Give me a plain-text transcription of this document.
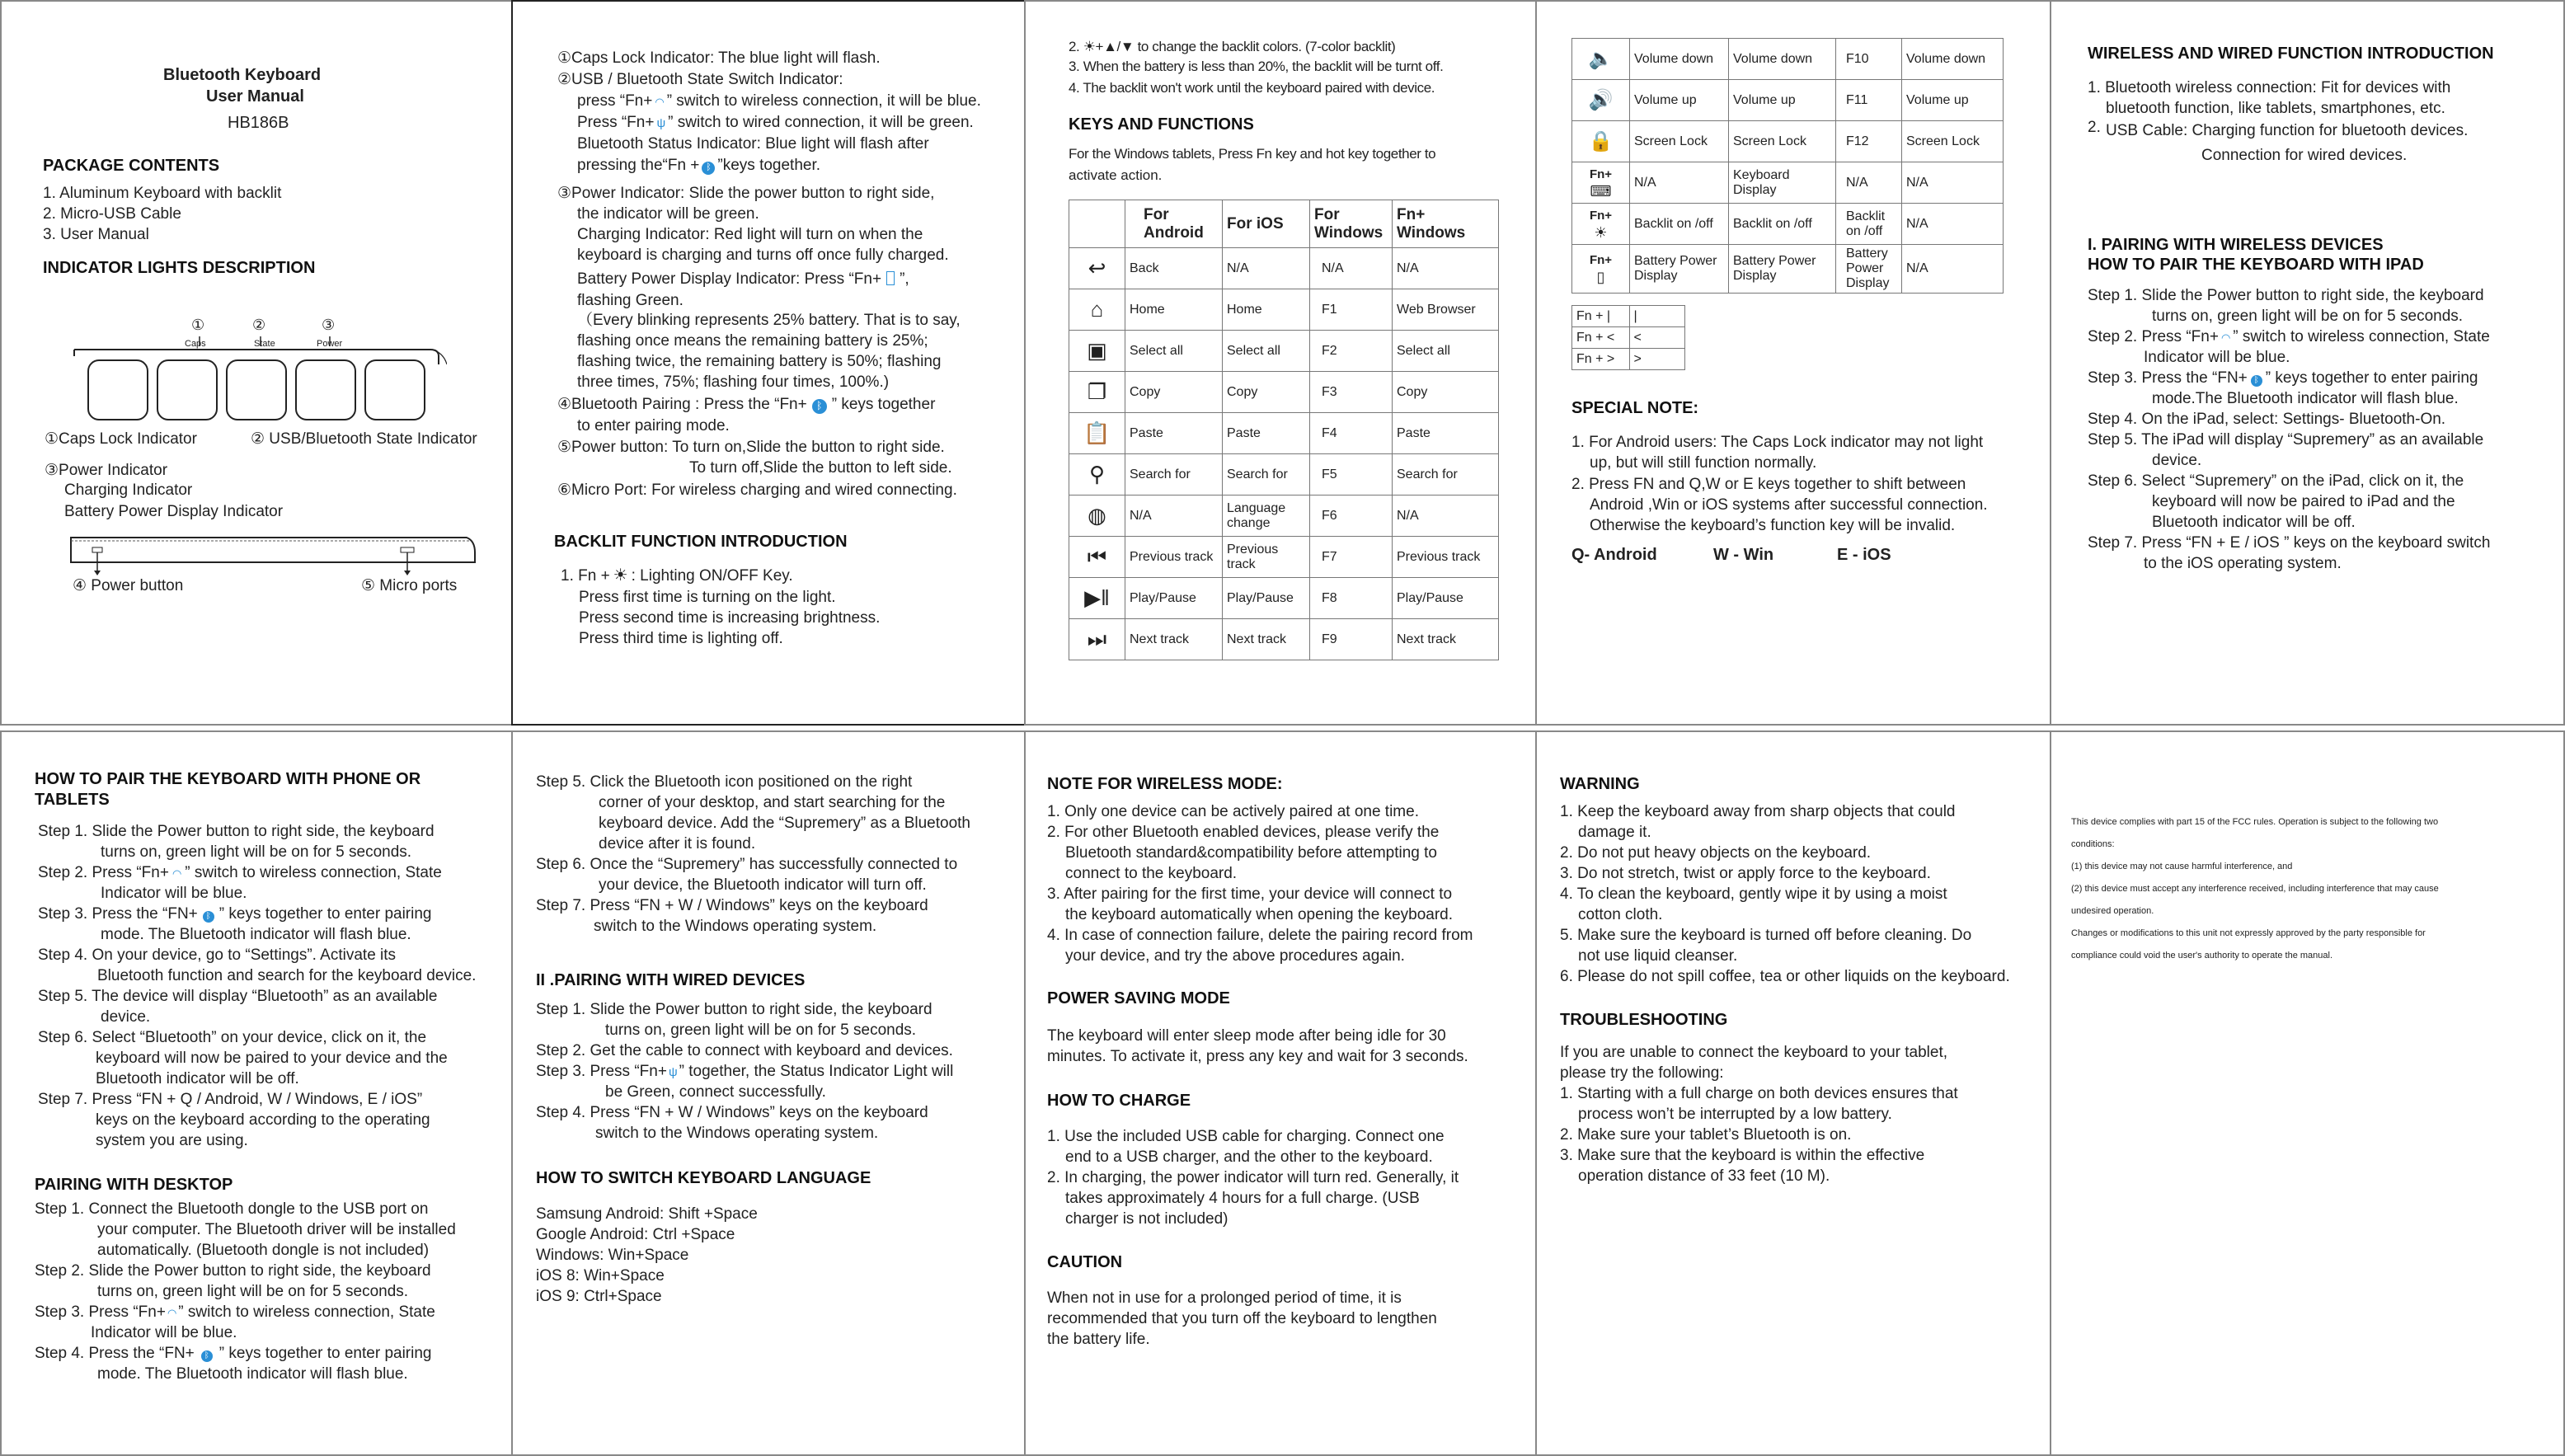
Bluetooth Keyboard
User Manual
HB186B
PACKAGE CONTENTS
1. Aluminum Keyboard with backlit
2. Micro-USB Cable
3. User Manual
INDICATOR LIGHTS DESCRIPTION
①	②	③
Caps	State	Power
①Caps Lock Indicator	② USB/Bluetooth State Indicator
③Power Indicator
Charging Indicator
Battery Power Display Indicator
④ Power button	⑤ Micro ports
①Caps Lock Indicator: The blue light will flash.
②USB / Bluetooth State Switch Indicator:
press “Fn+ ◠ ” switch to wireless connection, it will be blue.
Press “Fn+ ψ ” switch to wired connection, it will be green.
Bluetooth Status Indicator: Blue light will flash after
pressing the“Fn + ᛒ ”keys together.
③Power Indicator: Slide the power button to right side,
the indicator will be green.
Charging Indicator: Red light will turn on when the
keyboard is charging and turns off once fully charged.
Battery Power Display Indicator: Press “Fn+ ”,
flashing Green.
（Every blinking represents 25% battery. That is to say,
flashing once means the remaining battery is 25%;
flashing twice, the remaining battery is 50%; flashing
three times, 75%; flashing four times, 100%.)
④Bluetooth Pairing : Press the “Fn+ ᛒ ” keys together
to enter pairing mode.
⑤Power button: To turn on,Slide the button to right side.
To turn off,Slide the button to left side.
⑥Micro Port: For wireless charging and wired connecting.
BACKLIT FUNCTION INTRODUCTION
1. Fn + ☀ : Lighting ON/OFF Key.
Press first time is turning on the light.
Press second time is increasing brightness.
Press third time is lighting off.
2. ☀+▲/▼ to change the backlit colors. (7-color backlit)
3. When the battery is less than 20%, the backlit will be turnt off.
4. The backlit won't work until the keyboard paired with device.
KEYS AND FUNCTIONS
For the Windows tablets, Press Fn key and hot key together to
activate action.
	For Android	For iOS	For Windows	Fn+ Windows
↩	Back	N/A	N/A	N/A
⌂	Home	Home	F1	Web Browser
▣	Select all	Select all	F2	Select all
❐	Copy	Copy	F3	Copy
📋	Paste	Paste	F4	Paste
⚲	Search for	Search for	F5	Search for
◍	N/A	Language change	F6	N/A
⏮	Previous track	Previous track	F7	Previous track
▶‖	Play/Pause	Play/Pause	F8	Play/Pause
⏭	Next track	Next track	F9	Next track
🔈	Volume down	Volume down	F10	Volume down
🔊	Volume up	Volume up	F11	Volume up
🔒	Screen Lock	Screen Lock	F12	Screen Lock

Fn+
⌨	N/A	Keyboard Display	N/A	N/A

Fn+
☀	Backlit on /off	Backlit on /off	Backlit on /off	N/A

Fn+
▯	Battery Power Display	Battery Power Display	Battery Power Display	N/A
Fn + |	|
Fn + <	<
Fn + >	>
SPECIAL NOTE:
1. For Android users: The Caps Lock indicator may not light
up, but will still function normally.
2. Press FN and Q,W or E keys together to shift between
Android ,Win or iOS systems after successful connection.
Otherwise the keyboard’s function key will be invalid.
Q- Android	W - Win	E - iOS
WIRELESS AND WIRED FUNCTION INTRODUCTION
1. Bluetooth wireless connection: Fit for devices with
bluetooth function, like tablets, smartphones, etc.
2. USB Cable: Charging function for bluetooth devices.
Connection for wired devices.
I. PAIRING WITH WIRELESS DEVICES
HOW TO PAIR THE KEYBOARD WITH IPAD
Step 1. Slide the Power button to right side, the keyboard
turns on, green light will be on for 5 seconds.
Step 2. Press “Fn+ ◠ ” switch to wireless connection, State
Indicator will be blue.
Step 3. Press the “FN+ ᛒ ” keys together to enter pairing
mode.The Bluetooth indicator will flash blue.
Step 4. On the iPad, select: Settings- Bluetooth-On.
Step 5. The iPad will display “Supremery” as an available
device.
Step 6. Select “Supremery” on the iPad, click on it, the
keyboard will now be paired to iPad and the
Bluetooth indicator will be off.
Step 7. Press “FN + E / iOS ” keys on the keyboard switch
to the iOS operating system.
HOW TO PAIR THE KEYBOARD WITH PHONE OR
TABLETS
Step 1. Slide the Power button to right side, the keyboard
turns on, green light will be on for 5 seconds.
Step 2. Press “Fn+ ◠ ” switch to wireless connection, State
Indicator will be blue.
Step 3. Press the “FN+ ᛒ ” keys together to enter pairing
mode. The Bluetooth indicator will flash blue.
Step 4. On your device, go to “Settings”. Activate its
Bluetooth function and search for the keyboard device.
Step 5. The device will display “Bluetooth” as an available
device.
Step 6. Select “Bluetooth” on your device, click on it, the
keyboard will now be paired to your device and the
Bluetooth indicator will be off.
Step 7. Press “FN + Q / Android, W / Windows, E / iOS”
keys on the keyboard according to the operating
system you are using.
PAIRING WITH DESKTOP
Step 1. Connect the Bluetooth dongle to the USB port on
your computer. The Bluetooth driver will be installed
automatically. (Bluetooth dongle is not included)
Step 2. Slide the Power button to right side, the keyboard
turns on, green light will be on for 5 seconds.
Step 3. Press “Fn+ ◠ ” switch to wireless connection, State
Indicator will be blue.
Step 4. Press the “FN+ ᛒ ” keys together to enter pairing
mode. The Bluetooth indicator will flash blue.
Step 5. Click the Bluetooth icon positioned on the right
corner of your desktop, and start searching for the
keyboard device. Add the “Supremery” as a Bluetooth
device after it is found.
Step 6. Once the “Supremery” has successfully connected to
your device, the Bluetooth indicator will turn off.
Step 7. Press “FN + W / Windows” keys on the keyboard
switch to the Windows operating system.
II .PAIRING WITH WIRED DEVICES
Step 1. Slide the Power button to right side, the keyboard
turns on, green light will be on for 5 seconds.
Step 2. Get the cable to connect with keyboard and devices.
Step 3. Press “Fn+ ψ ” together, the Status Indicator Light will
be Green, connect successfully.
Step 4. Press “FN + W / Windows” keys on the keyboard
switch to the Windows operating system.
HOW TO SWITCH KEYBOARD LANGUAGE
Samsung Android: Shift +Space
Google Android: Ctrl +Space
Windows: Win+Space
iOS 8: Win+Space
iOS 9: Ctrl+Space
NOTE FOR WIRELESS MODE:
1. Only one device can be actively paired at one time.
2. For other Bluetooth enabled devices, please verify the
Bluetooth standard&compatibility before attempting to
connect to the keyboard.
3. After pairing for the first time, your device will connect to
the keyboard automatically when opening the keyboard.
4. In case of connection failure, delete the pairing record from
your device, and try the above procedures again.
POWER SAVING MODE
The keyboard will enter sleep mode after being idle for 30
minutes. To activate it, press any key and wait for 3 seconds.
HOW TO CHARGE
1. Use the included USB cable for charging. Connect one
end to a USB charger, and the other to the keyboard.
2. In charging, the power indicator will turn red. Generally, it
takes approximately 4 hours for a full charge. (USB
charger is not included)
CAUTION
When not in use for a prolonged period of time, it is
recommended that you turn off the keyboard to lengthen
the battery life.
WARNING
1. Keep the keyboard away from sharp objects that could
damage it.
2. Do not put heavy objects on the keyboard.
3. Do not stretch, twist or apply force to the keyboard.
4. To clean the keyboard, gently wipe it by using a moist
cotton cloth.
5. Make sure the keyboard is turned off before cleaning. Do
not use liquid cleanser.
6. Please do not spill coffee, tea or other liquids on the keyboard.
TROUBLESHOOTING
If you are unable to connect the keyboard to your tablet,
please try the following:
1. Starting with a full charge on both devices ensures that
process won’t be interrupted by a low battery.
2. Make sure your tablet’s Bluetooth is on.
3. Make sure that the keyboard is within the effective
operation distance of 33 feet (10 M).
This device complies with part 15 of the FCC rules. Operation is subject to the following two
conditions:
(1) this device may not cause harmful interference, and
(2) this device must accept any interference received, including interference that may cause
undesired operation.
Changes or modifications to this unit not expressly approved by the party responsible for
compliance could void the user's authority to operate the manual.
